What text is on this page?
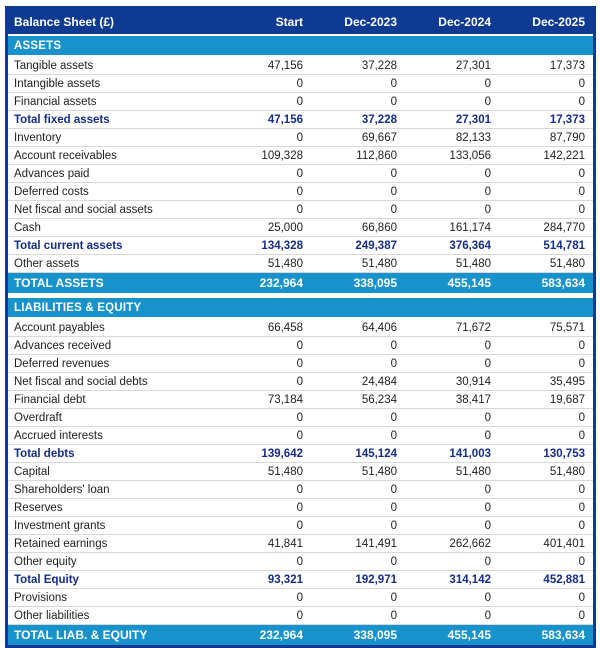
Balance Sheet (£)	Start	Dec-2023	Dec-2024	Dec-2025
ASSETS				
Tangible assets	47,156	37,228	27,301	17,373
Intangible assets	0	0	0	0
Financial assets	0	0	0	0
Total fixed assets	47,156	37,228	27,301	17,373
Inventory	0	69,667	82,133	87,790
Account receivables	109,328	112,860	133,056	142,221
Advances paid	0	0	0	0
Deferred costs	0	0	0	0
Net fiscal and social assets	0	0	0	0
Cash	25,000	66,860	161,174	284,770
Total current assets	134,328	249,387	376,364	514,781
Other assets	51,480	51,480	51,480	51,480
TOTAL ASSETS	232,964	338,095	455,145	583,634

LIABILITIES & EQUITY				
Account payables	66,458	64,406	71,672	75,571
Advances received	0	0	0	0
Deferred revenues	0	0	0	0
Net fiscal and social debts	0	24,484	30,914	35,495
Financial debt	73,184	56,234	38,417	19,687
Overdraft	0	0	0	0
Accrued interests	0	0	0	0
Total debts	139,642	145,124	141,003	130,753
Capital	51,480	51,480	51,480	51,480
Shareholders' loan	0	0	0	0
Reserves	0	0	0	0
Investment grants	0	0	0	0
Retained earnings	41,841	141,491	262,662	401,401
Other equity	0	0	0	0
Total Equity	93,321	192,971	314,142	452,881
Provisions	0	0	0	0
Other liabilities	0	0	0	0
TOTAL LIAB. & EQUITY	232,964	338,095	455,145	583,634
